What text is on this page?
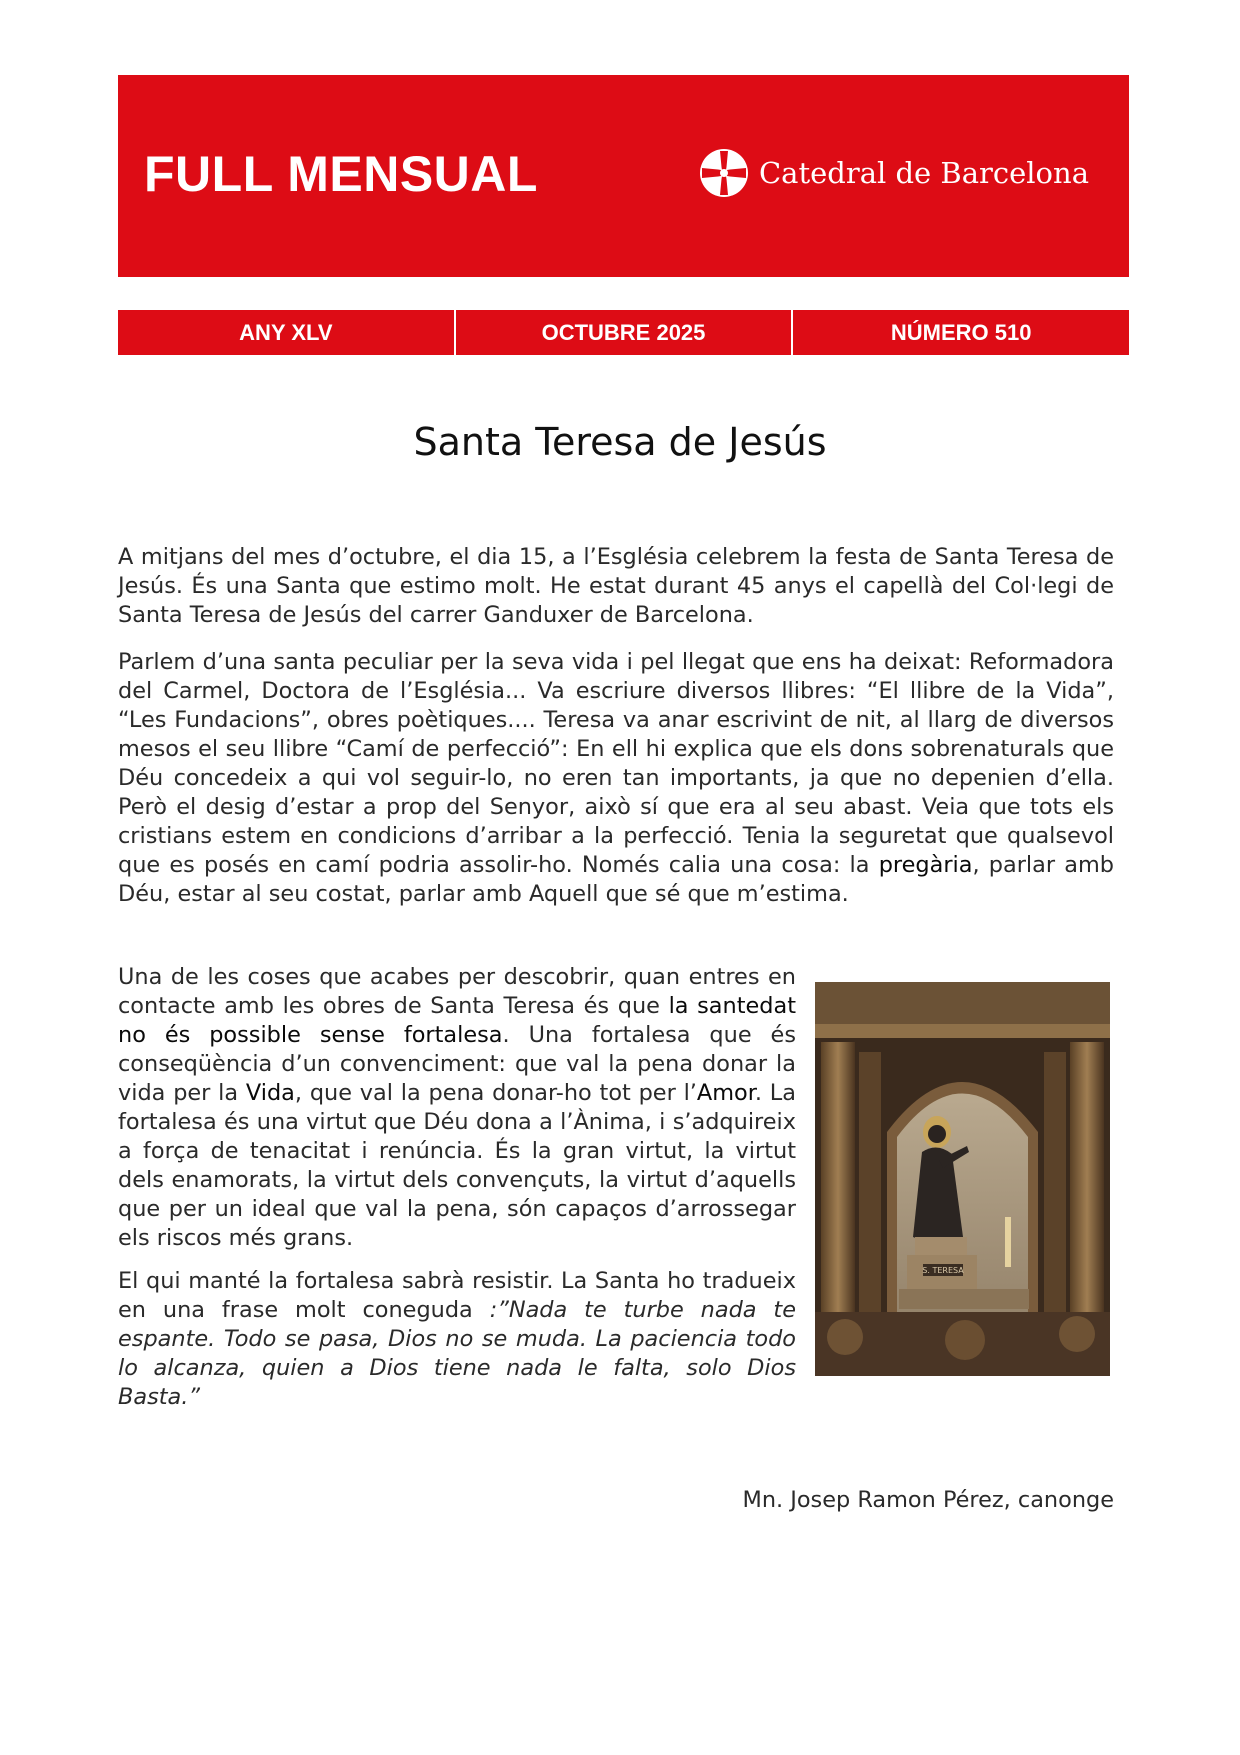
FULL MENSUAL	Catedral de Barcelona
ANY XLV	OCTUBRE 2025	NÚMERO 510
Santa Teresa de Jesús

A mitjans del mes d’octubre, el dia 15, a l’Església celebrem la festa de Santa Teresa de Jesús. És una Santa que estimo molt. He estat durant 45 anys el capellà del Col·legi de Santa Teresa de Jesús del carrer Ganduxer de Barcelona.

Parlem d’una santa peculiar per la seva vida i pel llegat que ens ha deixat: Reformadora del Carmel, Doctora de l’Església... Va escriure diversos llibres: “El llibre de la Vida”, “Les Fundacions”, obres poètiques.... Teresa va anar escrivint de nit, al llarg de diversos mesos el seu llibre “Camí de perfecció”: En ell hi explica que els dons sobrenaturals que Déu concedeix a qui vol seguir-lo, no eren tan importants, ja que no depenien d’ella. Però el desig d’estar a prop del Senyor, això sí que era al seu abast. Veia que tots els cristians estem en condicions d’arribar a la perfecció. Tenia la seguretat que qualsevol que es posés en camí podria assolir-ho. Només calia una cosa: la pregària, parlar amb Déu, estar al seu costat, parlar amb Aquell que sé que m’estima.

Una de les coses que acabes per descobrir, quan entres en contacte amb les obres de Santa Teresa és que la santedat no és possible sense fortalesa. Una fortalesa que és conseqüència d’un convenciment: que val la pena donar la vida per la Vida, que val la pena donar-ho tot per l’Amor. La fortalesa és una virtut que Déu dona a l’Ànima, i s’adquireix a força de tenacitat i renúncia. És la gran virtut, la virtut dels enamorats, la virtut dels convençuts, la virtut d’aquells que per un ideal que val la pena, són capaços d’arrossegar els riscos més grans.

El qui manté la fortalesa sabrà resistir. La Santa ho tradueix en una frase molt coneguda :”Nada te turbe nada te espante. Todo se pasa, Dios no se muda. La paciencia todo lo alcanza, quien a Dios tiene nada le falta, solo Dios Basta.”

S. TERESA
Mn. Josep Ramon Pérez, canonge
